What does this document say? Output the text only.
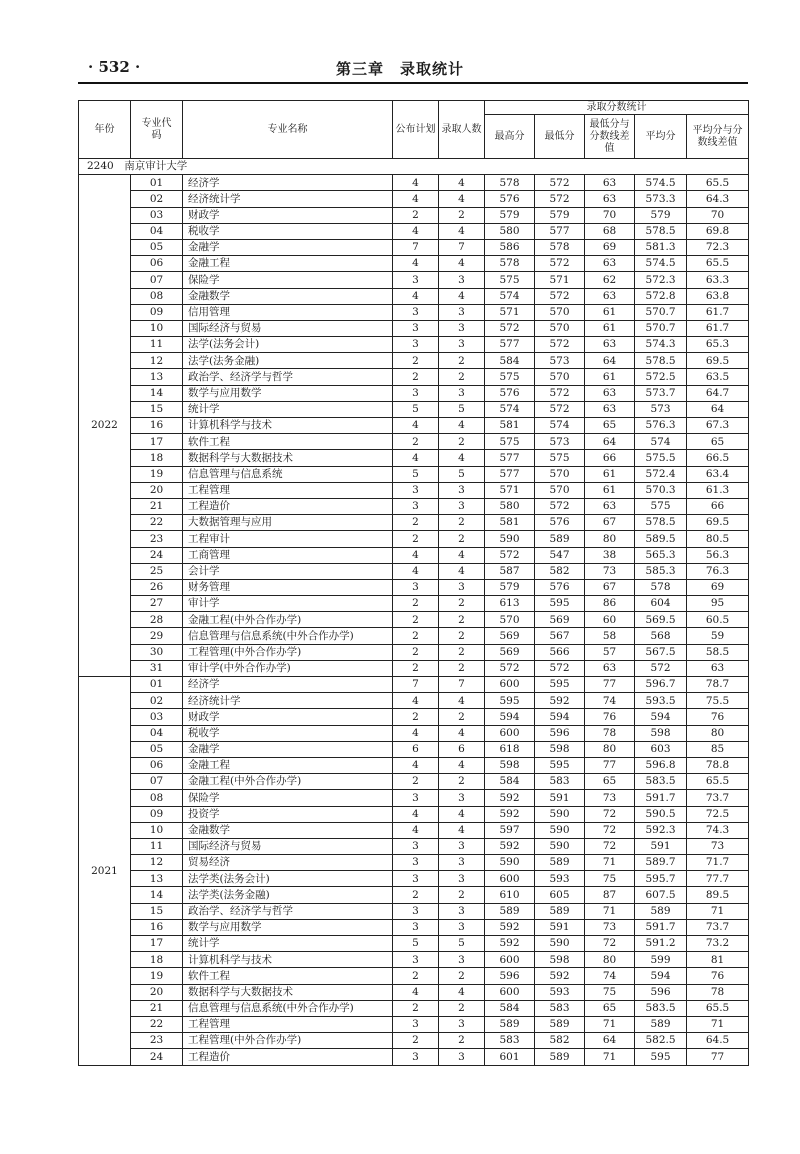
· 532 ·	第三章　录取统计
年份	专业代码	专业名称	公布计划	录取人数	录取分数统计				
					最高分	最低分	最低分与分数线差值	平均分	平均分与分数线差值
2240　 南京审计大学									
2022	01	经济学	4	4	578	572	63	574.5	65.5
	02	经济统计学	4	4	576	572	63	573.3	64.3
	03	财政学	2	2	579	579	70	579	70
	04	税收学	4	4	580	577	68	578.5	69.8
	05	金融学	7	7	586	578	69	581.3	72.3
	06	金融工程	4	4	578	572	63	574.5	65.5
	07	保险学	3	3	575	571	62	572.3	63.3
	08	金融数学	4	4	574	572	63	572.8	63.8
	09	信用管理	3	3	571	570	61	570.7	61.7
	10	国际经济与贸易	3	3	572	570	61	570.7	61.7
	11	法学(法务会计)	3	3	577	572	63	574.3	65.3
	12	法学(法务金融)	2	2	584	573	64	578.5	69.5
	13	政治学、经济学与哲学	2	2	575	570	61	572.5	63.5
	14	数学与应用数学	3	3	576	572	63	573.7	64.7
	15	统计学	5	5	574	572	63	573	64
	16	计算机科学与技术	4	4	581	574	65	576.3	67.3
	17	软件工程	2	2	575	573	64	574	65
	18	数据科学与大数据技术	4	4	577	575	66	575.5	66.5
	19	信息管理与信息系统	5	5	577	570	61	572.4	63.4
	20	工程管理	3	3	571	570	61	570.3	61.3
	21	工程造价	3	3	580	572	63	575	66
	22	大数据管理与应用	2	2	581	576	67	578.5	69.5
	23	工程审计	2	2	590	589	80	589.5	80.5
	24	工商管理	4	4	572	547	38	565.3	56.3
	25	会计学	4	4	587	582	73	585.3	76.3
	26	财务管理	3	3	579	576	67	578	69
	27	审计学	2	2	613	595	86	604	95
	28	金融工程(中外合作办学)	2	2	570	569	60	569.5	60.5
	29	信息管理与信息系统(中外合作办学)	2	2	569	567	58	568	59
	30	工程管理(中外合作办学)	2	2	569	566	57	567.5	58.5
	31	审计学(中外合作办学)	2	2	572	572	63	572	63
2021	01	经济学	7	7	600	595	77	596.7	78.7
	02	经济统计学	4	4	595	592	74	593.5	75.5
	03	财政学	2	2	594	594	76	594	76
	04	税收学	4	4	600	596	78	598	80
	05	金融学	6	6	618	598	80	603	85
	06	金融工程	4	4	598	595	77	596.8	78.8
	07	金融工程(中外合作办学)	2	2	584	583	65	583.5	65.5
	08	保险学	3	3	592	591	73	591.7	73.7
	09	投资学	4	4	592	590	72	590.5	72.5
	10	金融数学	4	4	597	590	72	592.3	74.3
	11	国际经济与贸易	3	3	592	590	72	591	73
	12	贸易经济	3	3	590	589	71	589.7	71.7
	13	法学类(法务会计)	3	3	600	593	75	595.7	77.7
	14	法学类(法务金融)	2	2	610	605	87	607.5	89.5
	15	政治学、经济学与哲学	3	3	589	589	71	589	71
	16	数学与应用数学	3	3	592	591	73	591.7	73.7
	17	统计学	5	5	592	590	72	591.2	73.2
	18	计算机科学与技术	3	3	600	598	80	599	81
	19	软件工程	2	2	596	592	74	594	76
	20	数据科学与大数据技术	4	4	600	593	75	596	78
	21	信息管理与信息系统(中外合作办学)	2	2	584	583	65	583.5	65.5
	22	工程管理	3	3	589	589	71	589	71
	23	工程管理(中外合作办学)	2	2	583	582	64	582.5	64.5
	24	工程造价	3	3	601	589	71	595	77
